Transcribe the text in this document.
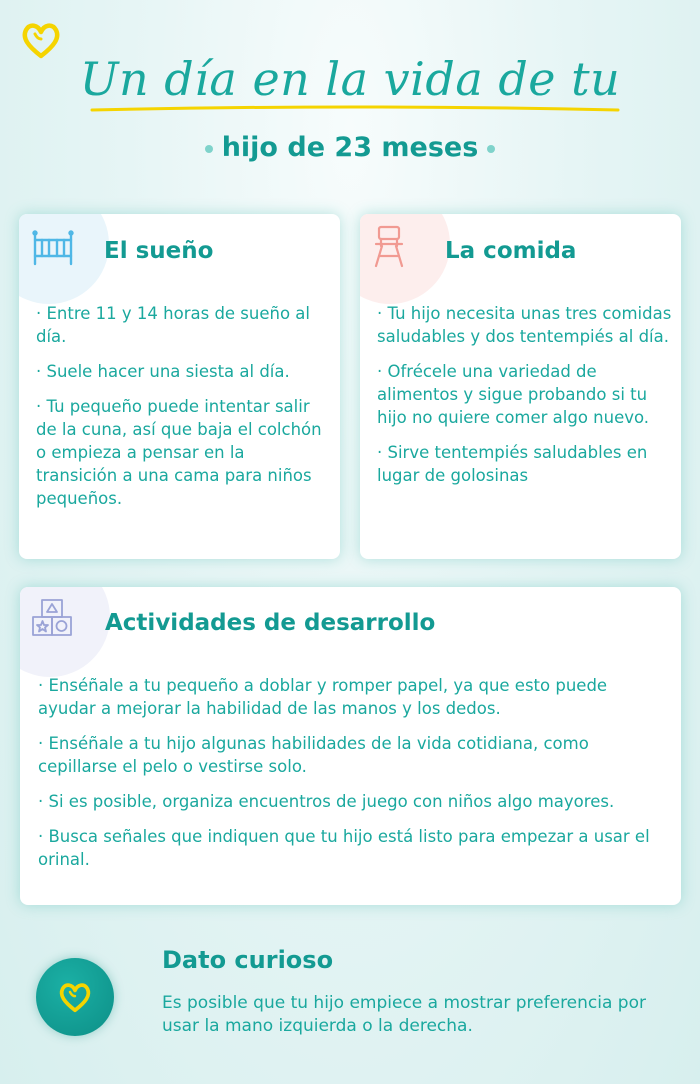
Un día en la vida de tu
hijo de 23 meses
El sueño
· Entre 11 y 14 horas de sueño al día.
· Suele hacer una siesta al día.
· Tu pequeño puede intentar salir de la cuna, así que baja el colchón o empieza a pensar en la transición a una cama para niños pequeños.
La comida
· Tu hijo necesita unas tres comidas saludables y dos tentempiés al día.
· Ofrécele una variedad de alimentos y sigue probando si tu hijo no quiere comer algo nuevo.
· Sirve tentempiés saludables en lugar de golosinas
Actividades de desarrollo
· Enséñale a tu pequeño a doblar y romper papel, ya que esto puede ayudar a mejorar la habilidad de las manos y los dedos.
· Enséñale a tu hijo algunas habilidades de la vida cotidiana, como cepillarse el pelo o vestirse solo.
· Si es posible, organiza encuentros de juego con niños algo mayores.
· Busca señales que indiquen que tu hijo está listo para empezar a usar el orinal.
Dato curioso
Es posible que tu hijo empiece a mostrar preferencia por usar la mano izquierda o la derecha.
